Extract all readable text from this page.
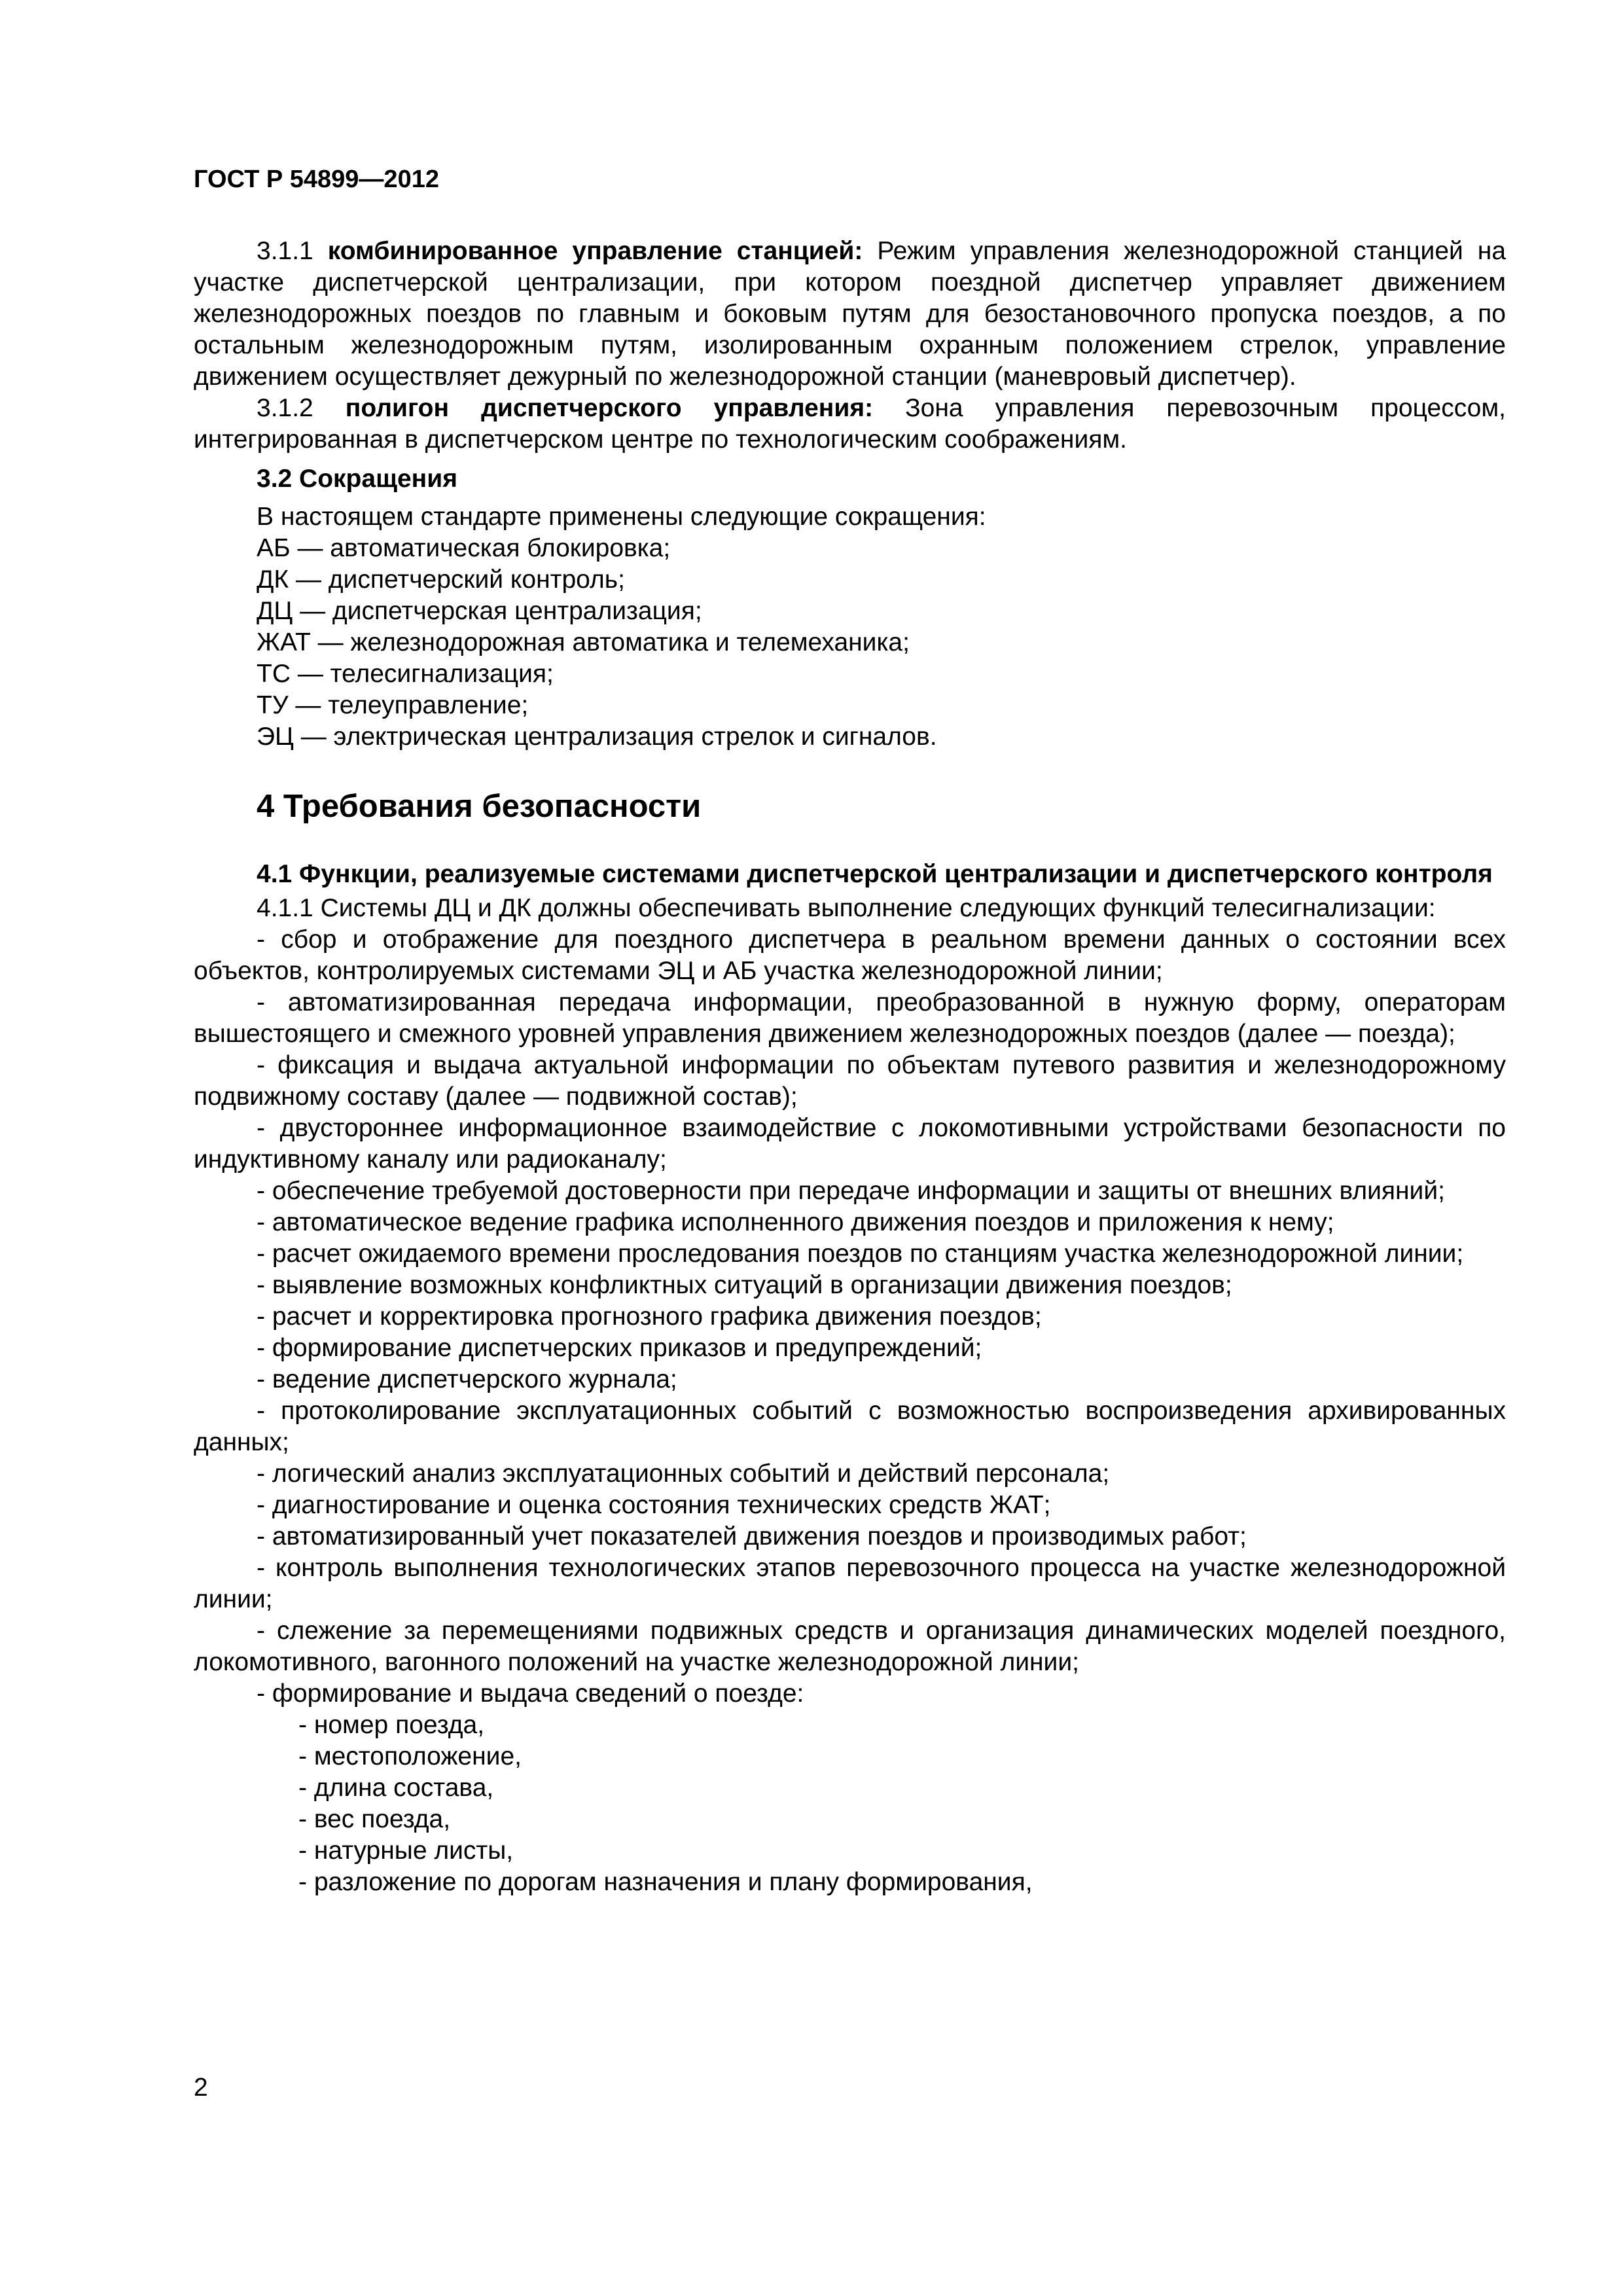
ГОСТ Р 54899—2012

3.1.1 комбинированное управление станцией: Режим управления железнодорожной станцией на участке диспетчерской централизации, при котором поездной диспетчер управляет движением железнодорожных поездов по главным и боковым путям для безостановочного пропуска поездов, а по остальным железнодорожным путям, изолированным охранным положением стрелок, управление движением осуществляет дежурный по железнодорожной станции (маневровый диспетчер).

3.1.2 полигон диспетчерского управления: Зона управления перевозочным процессом, интегрированная в диспетчерском центре по технологическим соображениям.

3.2 Сокращения
В настоящем стандарте применены следующие сокращения:
АБ — автоматическая блокировка;
ДК — диспетчерский контроль;
ДЦ — диспетчерская централизация;
ЖАТ — железнодорожная автоматика и телемеханика;
ТС — телесигнализация;
ТУ — телеуправление;
ЭЦ — электрическая централизация стрелок и сигналов.
4 Требования безопасности
4.1 Функции, реализуемые системами диспетчерской централизации и диспетчерского контроля

4.1.1 Системы ДЦ и ДК должны обеспечивать выполнение следующих функций телесигнализации:

- сбор и отображение для поездного диспетчера в реальном времени данных о состоянии всех объектов, контролируемых системами ЭЦ и АБ участка железнодорожной линии;

- автоматизированная передача информации, преобразованной в нужную форму, операторам вышестоящего и смежного уровней управления движением железнодорожных поездов (далее — поезда);

- фиксация и выдача актуальной информации по объектам путевого развития и железнодорожному подвижному составу (далее — подвижной состав);

- двустороннее информационное взаимодействие с локомотивными устройствами безопасности по индуктивному каналу или радиоканалу;

- обеспечение требуемой достоверности при передаче информации и защиты от внешних влияний;

- автоматическое ведение графика исполненного движения поездов и приложения к нему;

- расчет ожидаемого времени проследования поездов по станциям участка железнодорожной линии;

- выявление возможных конфликтных ситуаций в организации движения поездов;

- расчет и корректировка прогнозного графика движения поездов;

- формирование диспетчерских приказов и предупреждений;

- ведение диспетчерского журнала;

- протоколирование эксплуатационных событий с возможностью воспроизведения архивированных данных;

- логический анализ эксплуатационных событий и действий персонала;

- диагностирование и оценка состояния технических средств ЖАТ;

- автоматизированный учет показателей движения поездов и производимых работ;

- контроль выполнения технологических этапов перевозочного процесса на участке железнодорожной линии;

- слежение за перемещениями подвижных средств и организация динамических моделей поездного, локомотивного, вагонного положений на участке железнодорожной линии;

- формирование и выдача сведений о поезде:

- номер поезда,
- местоположение,
- длина состава,
- вес поезда,
- натурные листы,
- разложение по дорогам назначения и плану формирования,
2
